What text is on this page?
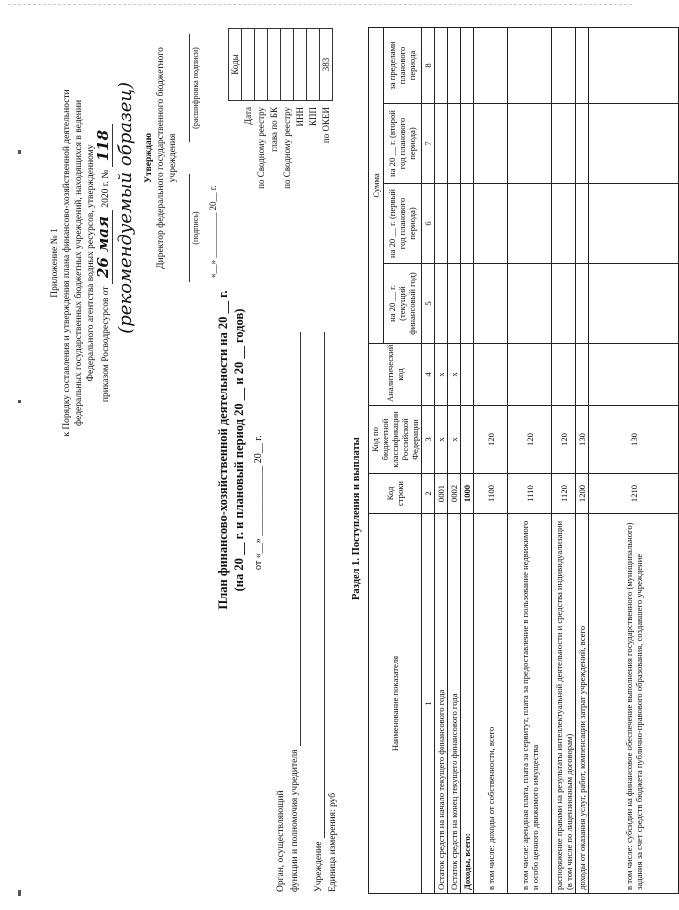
Приложение № 1 к Порядку составления и утверждения плана финансово-хозяйственной деятельности федеральных государственных бюджетных учреждений, находящихся в ведении Федерального агентства водных ресурсов, утвержденному приказом Росводресурсов от 26 мая 2020 г. № 118 (рекомендуемый образец) Утверждаю Директор федерального государственного бюджетного учреждения
(подпись)
(расшифровка подписи)
«__» __________ 20__ г.
План финансово-хозяйственной деятельности на 20 __ г. (на 20 __ г. и плановый период 20 __ и 20 __ годов) от «__» ______________ 20__ г.
	Коды
Дата	
по Сводному реестру	
глава по БК	
по Сводному реестру	
ИНН	
КПП	
по ОКЕИ	383
Орган, осуществляющий функции и полномочия учредителя Учреждение Единица измерения: руб
Раздел 1. Поступления и выплаты
Наименование показателя	Код строки	Код по бюджетной классификации Российской Федерации	Аналитический код	Сумма			
				на 20 __ г. (текущий финансовый год)	на 20 __ г. (первый год планового периода)	на 20 __ г. (второй год планового периода)	за пределами планового периода
1	2	3	4	5	6	7	8
Остаток средств на начало текущего финансового года	0001	x	x				
Остаток средств на конец текущего финансового года	0002	x	x				
Доходы, всего:	1000						
в том числе: доходы от собственности, всего	1100	120					
в том числе: арендная плата, плата за сервитут, плата за предоставление в пользование недвижимого и особо ценного движимого имущества	1110	120					
распоряжение правами на результаты интеллектуальной деятельности и средства индивидуализации (в том числе по лицензионным договорам)	1120	120					
доходы от оказания услуг, работ, компенсации затрат учреждений, всего	1200	130					
в том числе: субсидии на финансовое обеспечение выполнения государственного (муниципального) задания за счет средств бюджета публично-правового образования, создавшего учреждение	1210	130					
